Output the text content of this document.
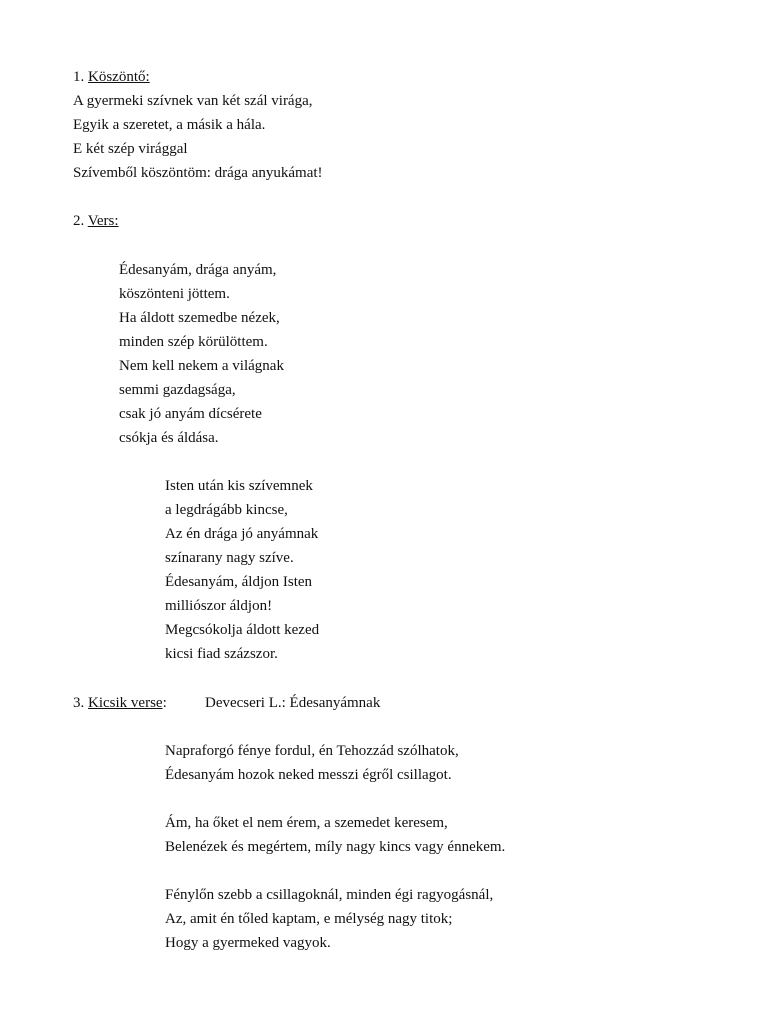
1. Köszöntő:
A gyermeki szívnek van két szál virága,
Egyik a szeretet, a másik a hála.
E két szép virággal
Szívemből köszöntöm: drága anyukámat!
2. Vers:
Édesanyám, drága anyám,
köszönteni jöttem.
Ha áldott szemedbe nézek,
minden szép körülöttem.
Nem kell nekem a világnak
semmi gazdagsága,
csak jó anyám dícsérete
csókja és áldása.
Isten után kis szívemnek
a legdrágább kincse,
Az én drága jó anyámnak
színarany nagy szíve.
Édesanyám, áldjon Isten
milliószor áldjon!
Megcsókolja áldott kezed
kicsi fiad százszor.
3. Kicsik verse:	Devecseri L.: Édesanyámnak
Napraforgó fénye fordul, én Tehozzád szólhatok,
Édesanyám hozok neked messzi égről csillagot.
Ám, ha őket el nem érem, a szemedet keresem,
Belenézek és megértem, míly nagy kincs vagy énnekem.
Fénylőn szebb a csillagoknál, minden égi ragyogásnál,
Az, amit én tőled kaptam, e mélység nagy titok;
Hogy a gyermeked vagyok.
